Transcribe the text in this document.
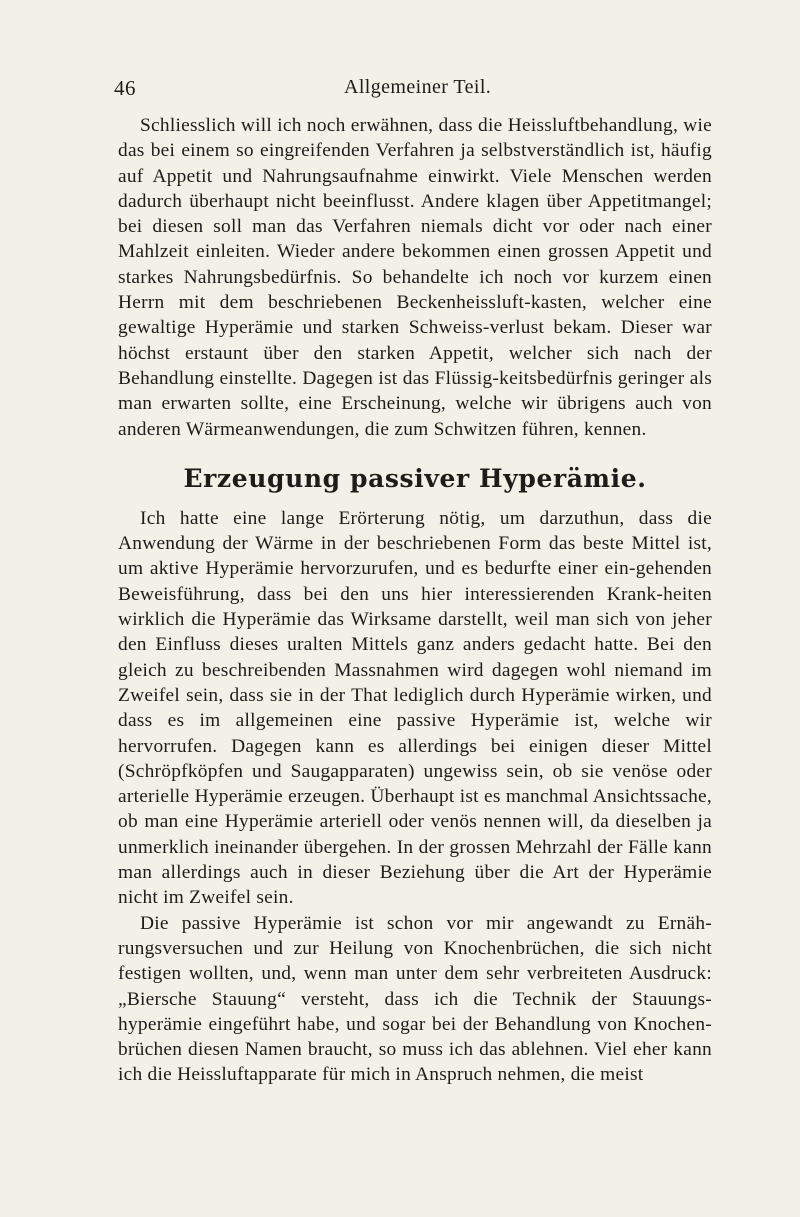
46	Allgemeiner Teil.

Schliesslich will ich noch erwähnen, dass die Heissluftbehandlung, wie das bei einem so eingreifenden Verfahren ja selbstverständlich ist, häufig auf Appetit und Nahrungsaufnahme einwirkt. Viele Menschen werden dadurch überhaupt nicht beeinflusst. Andere klagen über Appetitmangel; bei diesen soll man das Verfahren niemals dicht vor oder nach einer Mahlzeit einleiten. Wieder andere bekommen einen grossen Appetit und starkes Nahrungsbedürfnis. So behandelte ich noch vor kurzem einen Herrn mit dem beschriebenen Beckenheissluft-kasten, welcher eine gewaltige Hyperämie und starken Schweiss-verlust bekam. Dieser war höchst erstaunt über den starken Appetit, welcher sich nach der Behandlung einstellte. Dagegen ist das Flüssig-keitsbedürfnis geringer als man erwarten sollte, eine Erscheinung, welche wir übrigens auch von anderen Wärmeanwendungen, die zum Schwitzen führen, kennen.

Erzeugung passiver Hyperämie.

Ich hatte eine lange Erörterung nötig, um darzuthun, dass die Anwendung der Wärme in der beschriebenen Form das beste Mittel ist, um aktive Hyperämie hervorzurufen, und es bedurfte einer ein-gehenden Beweisführung, dass bei den uns hier interessierenden Krank-heiten wirklich die Hyperämie das Wirksame darstellt, weil man sich von jeher den Einfluss dieses uralten Mittels ganz anders gedacht hatte. Bei den gleich zu beschreibenden Massnahmen wird dagegen wohl niemand im Zweifel sein, dass sie in der That lediglich durch Hyperämie wirken, und dass es im allgemeinen eine passive Hyperämie ist, welche wir hervorrufen. Dagegen kann es allerdings bei einigen dieser Mittel (Schröpfköpfen und Saugapparaten) ungewiss sein, ob sie venöse oder arterielle Hyperämie erzeugen. Überhaupt ist es manchmal Ansichtssache, ob man eine Hyperämie arteriell oder venös nennen will, da dieselben ja unmerklich ineinander übergehen. In der grossen Mehrzahl der Fälle kann man allerdings auch in dieser Beziehung über die Art der Hyperämie nicht im Zweifel sein.

Die passive Hyperämie ist schon vor mir angewandt zu Ernäh-rungsversuchen und zur Heilung von Knochenbrüchen, die sich nicht festigen wollten, und, wenn man unter dem sehr verbreiteten Ausdruck: „Biersche Stauung“ versteht, dass ich die Technik der Stauungs-hyperämie eingeführt habe, und sogar bei der Behandlung von Knochen-brüchen diesen Namen braucht, so muss ich das ablehnen. Viel eher kann ich die Heissluftapparate für mich in Anspruch nehmen, die meist
